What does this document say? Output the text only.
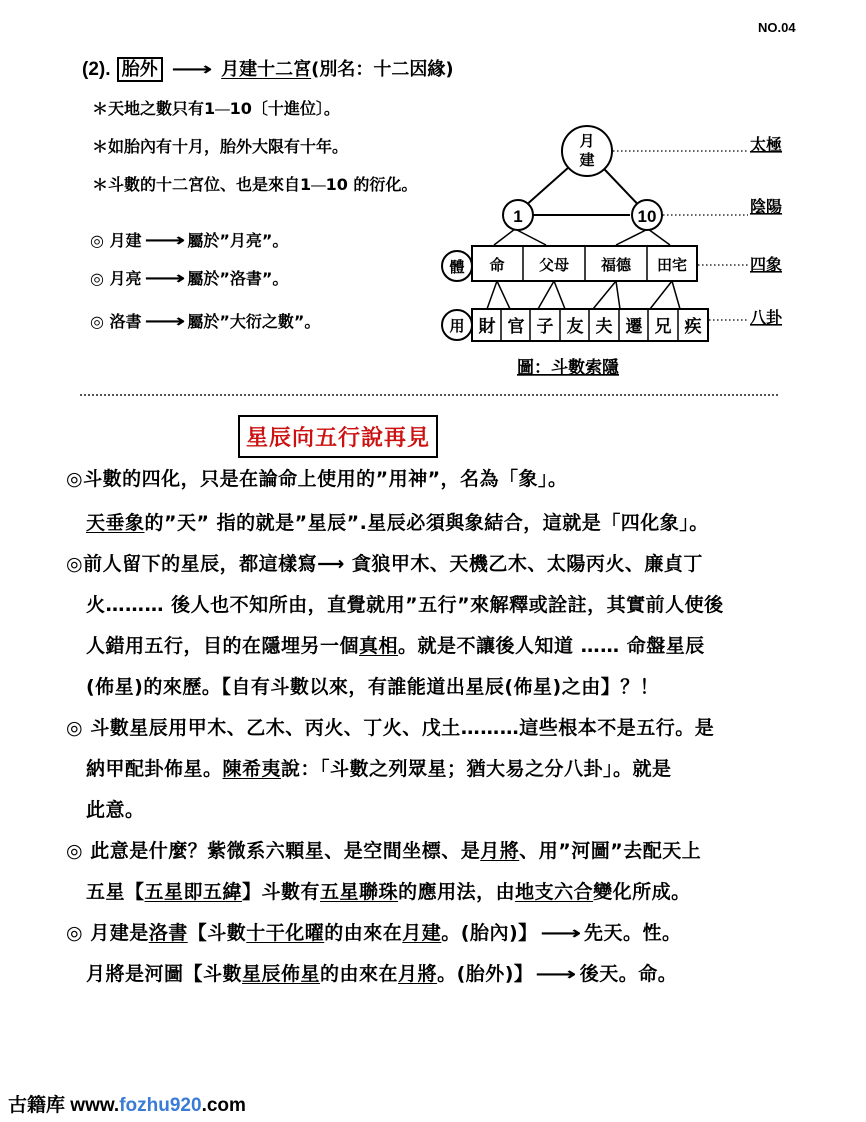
NO.04
(2). 胎外 ⟶ 月建十二宮(別名：十二因緣)
＊天地之數只有1──10〔十進位〕。
＊如胎內有十月，胎外大限有十年。
＊斗數的十二宮位、也是來自1──10 的衍化。
◎ 月建 ⟶ 屬於”月亮”。
◎ 月亮 ⟶ 屬於”洛書”。
◎ 洛書 ⟶ 屬於”大衍之數”。
月
建
1	10
體 命 父母 福德 田宅
用 財 官 子 友 夫 遷 兄 疾
太極
陰陽
四象
八卦
圖：斗數索隱
星辰向五行說再見
◎斗數的四化，只是在論命上使用的”用神”，名為「象」。
天垂象的”天” 指的就是”星辰”.星辰必須與象結合，這就是「四化象」。
◎前人留下的星辰，都這樣寫⟶ 貪狼甲木、天機乙木、太陽丙火、廉貞丁
火……… 後人也不知所由，直覺就用”五行”來解釋或詮註，其實前人使後
人錯用五行，目的在隱埋另一個真相。就是不讓後人知道 …… 命盤星辰
(佈星)的來歷。【自有斗數以來，有誰能道出星辰(佈星)之由】？！
◎ 斗數星辰用甲木、乙木、丙火、丁火、戊土………這些根本不是五行。是
納甲配卦佈星。陳希夷說：「斗數之列眾星；猶大易之分八卦」。就是
此意。
◎ 此意是什麼？紫微系六顆星、是空間坐標、是月將、用”河圖”去配天上
五星【五星即五緯】斗數有五星聯珠的應用法，由地支六合變化所成。
◎ 月建是洛書【斗數十干化曜的由來在月建。(胎內)】 ⟶ 先天。性。
月將是河圖【斗數星辰佈星的由來在月將。(胎外)】 ⟶ 後天。命。
古籍库 www.fozhu920.com
